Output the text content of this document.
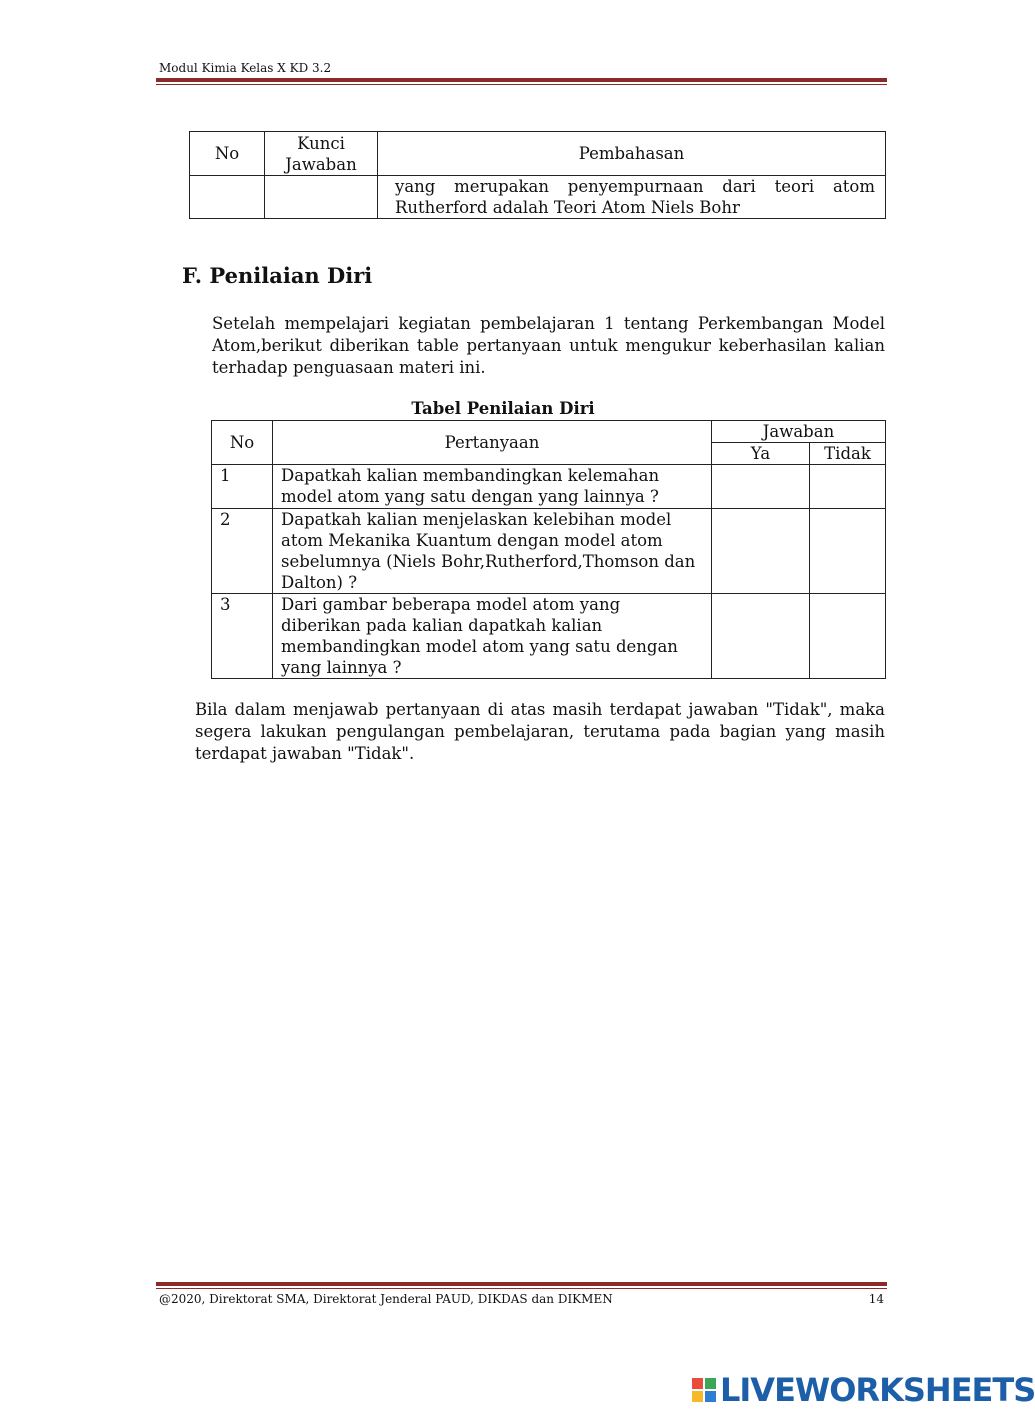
Modul Kimia Kelas X KD 3.2
No	Kunci Jawaban	Pembahasan

		yang merupakan penyempurnaan dari teori atom
Rutherford adalah Teori Atom Niels Bohr
F. Penilaian Diri
Setelah mempelajari kegiatan pembelajaran 1 tentang Perkembangan Model Atom,berikut diberikan table pertanyaan untuk mengukur keberhasilan kalian terhadap penguasaan materi ini.
Tabel Penilaian Diri
No	Pertanyaan	Jawaban	
		Ya	Tidak
1	Dapatkah kalian membandingkan kelemahan model atom yang satu dengan yang lainnya ?		
2	Dapatkah kalian menjelaskan kelebihan model atom Mekanika Kuantum dengan model atom sebelumnya (Niels Bohr,Rutherford,Thomson dan Dalton) ?		
3	Dari gambar beberapa model atom yang diberikan pada kalian dapatkah kalian membandingkan model atom yang satu dengan yang lainnya ?		
Bila dalam menjawab pertanyaan di atas masih terdapat jawaban "Tidak", maka segera lakukan pengulangan pembelajaran, terutama pada bagian yang masih terdapat jawaban "Tidak".
@2020, Direktorat SMA, Direktorat Jenderal PAUD, DIKDAS dan DIKMEN	14
LIVEWORKSHEETS
